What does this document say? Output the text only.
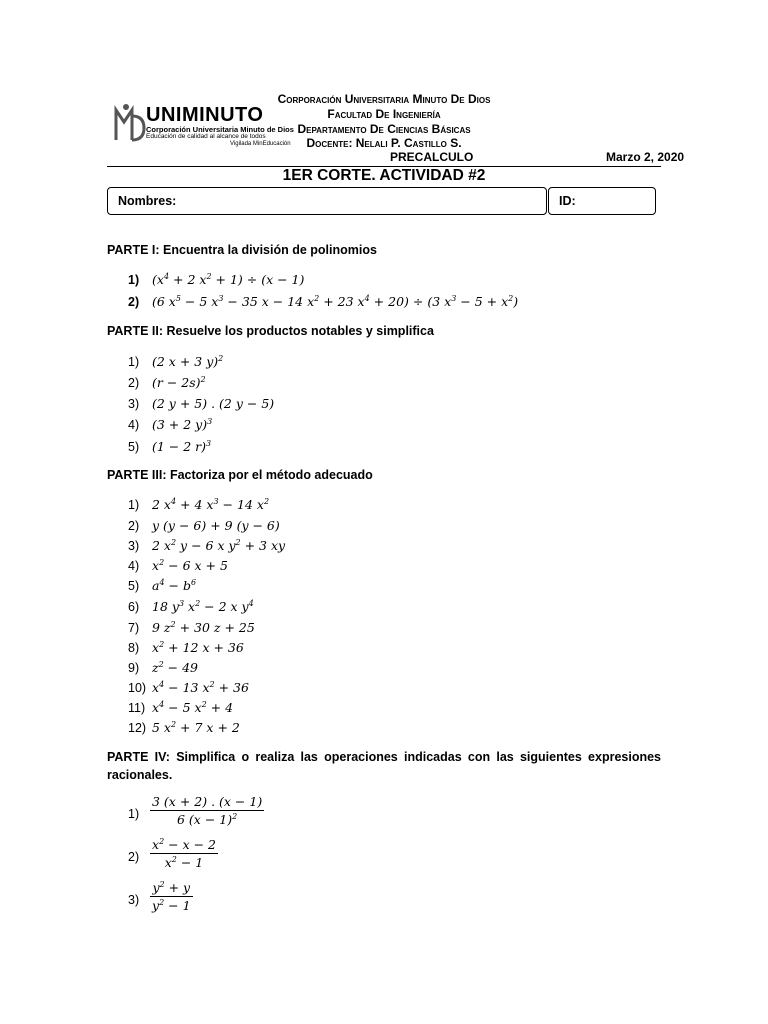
UNIMINUTO
Corporación Universitaria Minuto de Dios
Educación de calidad al alcance de todos
Vigilada MinEducación
Corporación Universitaria Minuto De Dios
Facultad De Ingeniería
Departamento De Ciencias Básicas
Docente: Nelali P. Castillo S.
PRECALCULO	Marzo 2, 2020
1ER CORTE. ACTIVIDAD #2
Nombres:	ID:
PARTE I: Encuentra la división de polinomios
1) ($x^4 + 2$ $x^2 + 1) \div (x - 1)$
2) (6 $x^5 - 5$ $x^3 - 35$ x − 14 $x^2 + 23$ $x^4 + 20) \div (3$ $x^3 - 5 + x^2$)
PARTE II: Resuelve los productos notables y simplifica
1) (2 x + 3 y)$^2$
2) $(r - 2s)^2$
3) (2 y + 5) . (2 y − 5)
4) (3 + 2 y)$^3$
5) (1 − 2 r)$^3$
PARTE III: Factoriza por el método adecuado
1) 2 $x^4 + 4$ $x^3 - 14$ $x^2$
2) y (y − 6) + 9 (y − 6)
3) 2 $x^2$ y − 6 x $y^2 + 3$ xy
4) $x^2 - 6$ x + 5
5) $a^4 - b^6$
6) 18 $y^3$ $x^2 - 2$ x $y^4$
7) 9 $z^2 + 30$ z + 25
8) $x^2 + 12$ x + 36
9) $z^2 - 49$
10) $x^4 - 13$ $x^2 + 36$
11) $x^4 - 5$ $x^2 + 4$
12) 5 $x^2 + 7$ x + 2
PARTE IV: Simplifica o realiza las operaciones indicadas con las siguientes expresiones racionales.
1)
3 (x + 2) . (x − 1)
6 $(x - 1)^2$
2)
$x^2 - x - 2$
$x^2 - 1$
3)
$y^2 + y$
$y^2 - 1$
